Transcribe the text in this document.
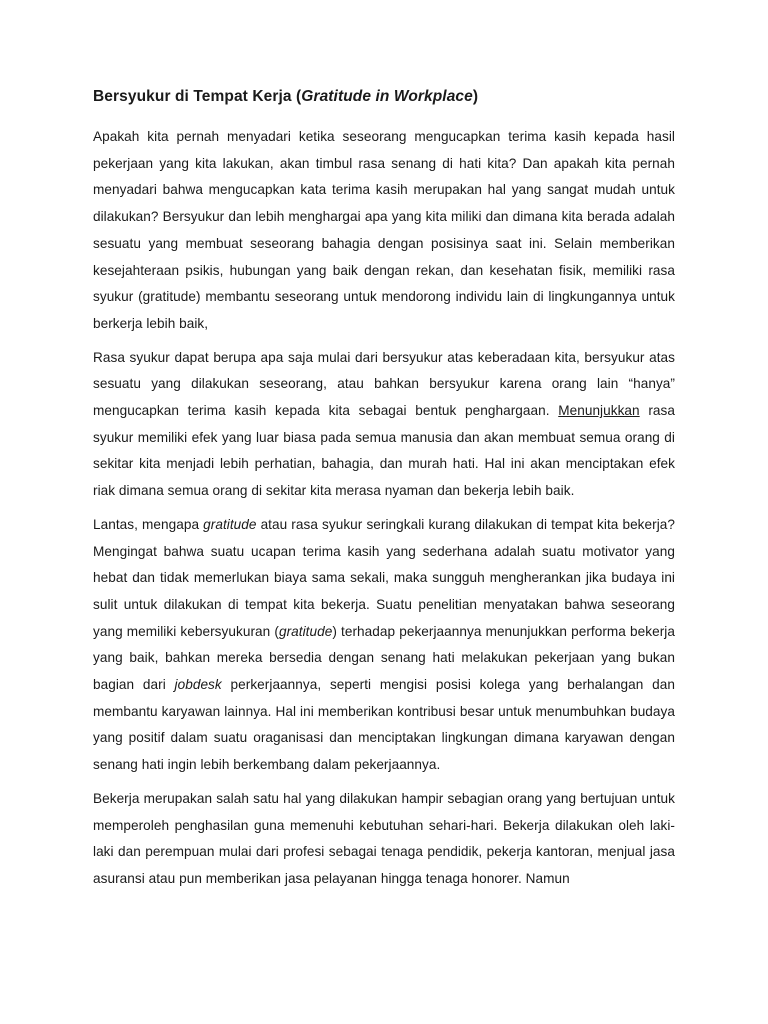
Bersyukur di Tempat Kerja (Gratitude in Workplace)

Apakah kita pernah menyadari ketika seseorang mengucapkan terima kasih kepada hasil pekerjaan yang kita lakukan, akan timbul rasa senang di hati kita? Dan apakah kita pernah menyadari bahwa mengucapkan kata terima kasih merupakan hal yang sangat mudah untuk dilakukan? Bersyukur dan lebih menghargai apa yang kita miliki dan dimana kita berada adalah sesuatu yang membuat seseorang bahagia dengan posisinya saat ini. Selain memberikan kesejahteraan psikis, hubungan yang baik dengan rekan, dan kesehatan fisik, memiliki rasa syukur (gratitude) membantu seseorang untuk mendorong individu lain di lingkungannya untuk berkerja lebih baik,

Rasa syukur dapat berupa apa saja mulai dari bersyukur atas keberadaan kita, bersyukur atas sesuatu yang dilakukan seseorang, atau bahkan bersyukur karena orang lain “hanya” mengucapkan terima kasih kepada kita sebagai bentuk penghargaan. Menunjukkan rasa syukur memiliki efek yang luar biasa pada semua manusia dan akan membuat semua orang di sekitar kita menjadi lebih perhatian, bahagia, dan murah hati. Hal ini akan menciptakan efek riak dimana semua orang di sekitar kita merasa nyaman dan bekerja lebih baik.

Lantas, mengapa gratitude atau rasa syukur seringkali kurang dilakukan di tempat kita bekerja? Mengingat bahwa suatu ucapan terima kasih yang sederhana adalah suatu motivator yang hebat dan tidak memerlukan biaya sama sekali, maka sungguh mengherankan jika budaya ini sulit untuk dilakukan di tempat kita bekerja. Suatu penelitian menyatakan bahwa seseorang yang memiliki kebersyukuran (gratitude) terhadap pekerjaannya menunjukkan performa bekerja yang baik, bahkan mereka bersedia dengan senang hati melakukan pekerjaan yang bukan bagian dari jobdesk perkerjaannya, seperti mengisi posisi kolega yang berhalangan dan membantu karyawan lainnya. Hal ini memberikan kontribusi besar untuk menumbuhkan budaya yang positif dalam suatu oraganisasi dan menciptakan lingkungan dimana karyawan dengan senang hati ingin lebih berkembang dalam pekerjaannya.

Bekerja merupakan salah satu hal yang dilakukan hampir sebagian orang yang bertujuan untuk memperoleh penghasilan guna memenuhi kebutuhan sehari-hari. Bekerja dilakukan oleh laki-laki dan perempuan mulai dari profesi sebagai tenaga pendidik, pekerja kantoran, menjual jasa asuransi atau pun memberikan jasa pelayanan hingga tenaga honorer. Namun
